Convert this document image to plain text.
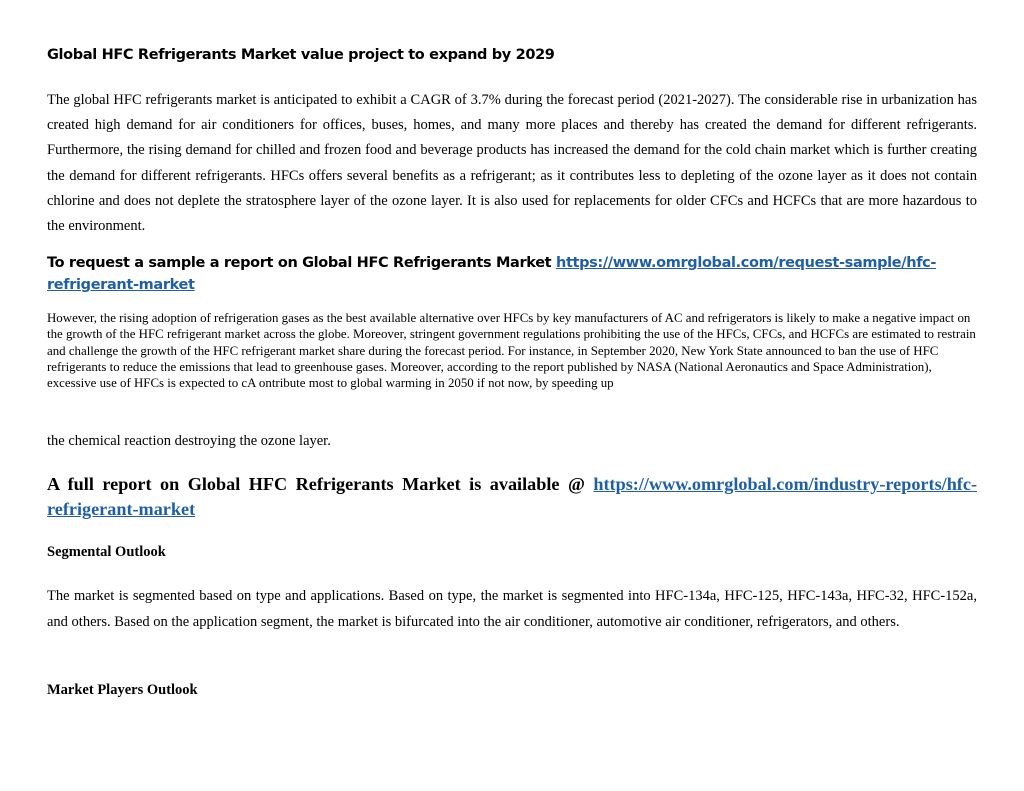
Global HFC Refrigerants Market value project to expand by 2029

The global HFC refrigerants market is anticipated to exhibit a CAGR of 3.7% during the forecast period (2021-2027). The considerable rise in urbanization has created high demand for air conditioners for offices, buses, homes, and many more places and thereby has created the demand for different refrigerants. Furthermore, the rising demand for chilled and frozen food and beverage products has increased the demand for the cold chain market which is further creating the demand for different refrigerants. HFCs offers several benefits as a refrigerant; as it contributes less to depleting of the ozone layer as it does not contain chlorine and does not deplete the stratosphere layer of the ozone layer. It is also used for replacements for older CFCs and HCFCs that are more hazardous to the environment.

To request a sample a report on Global HFC Refrigerants Market https://www.omrglobal.com/request-sample/hfc-refrigerant-market

However, the rising adoption of refrigeration gases as the best available alternative over HFCs by key manufacturers of AC and refrigerators is likely to make a negative impact on the growth of the HFC refrigerant market across the globe. Moreover, stringent government regulations prohibiting the use of the HFCs, CFCs, and HCFCs are estimated to restrain and challenge the growth of the HFC refrigerant market share during the forecast period. For instance, in September 2020, New York State announced to ban the use of HFC refrigerants to reduce the emissions that lead to greenhouse gases. Moreover, according to the report published by NASA (National Aeronautics and Space Administration), excessive use of HFCs is expected to cA ontribute most to global warming in 2050 if not now, by speeding up

the chemical reaction destroying the ozone layer.

A full report on Global HFC Refrigerants Market is available @ https://www.omrglobal.com/industry-reports/hfc-refrigerant-market

Segmental Outlook

The market is segmented based on type and applications. Based on type, the market is segmented into HFC-134a, HFC-125, HFC-143a, HFC-32, HFC-152a, and others. Based on the application segment, the market is bifurcated into the air conditioner, automotive air conditioner, refrigerators, and others.

Market Players Outlook
